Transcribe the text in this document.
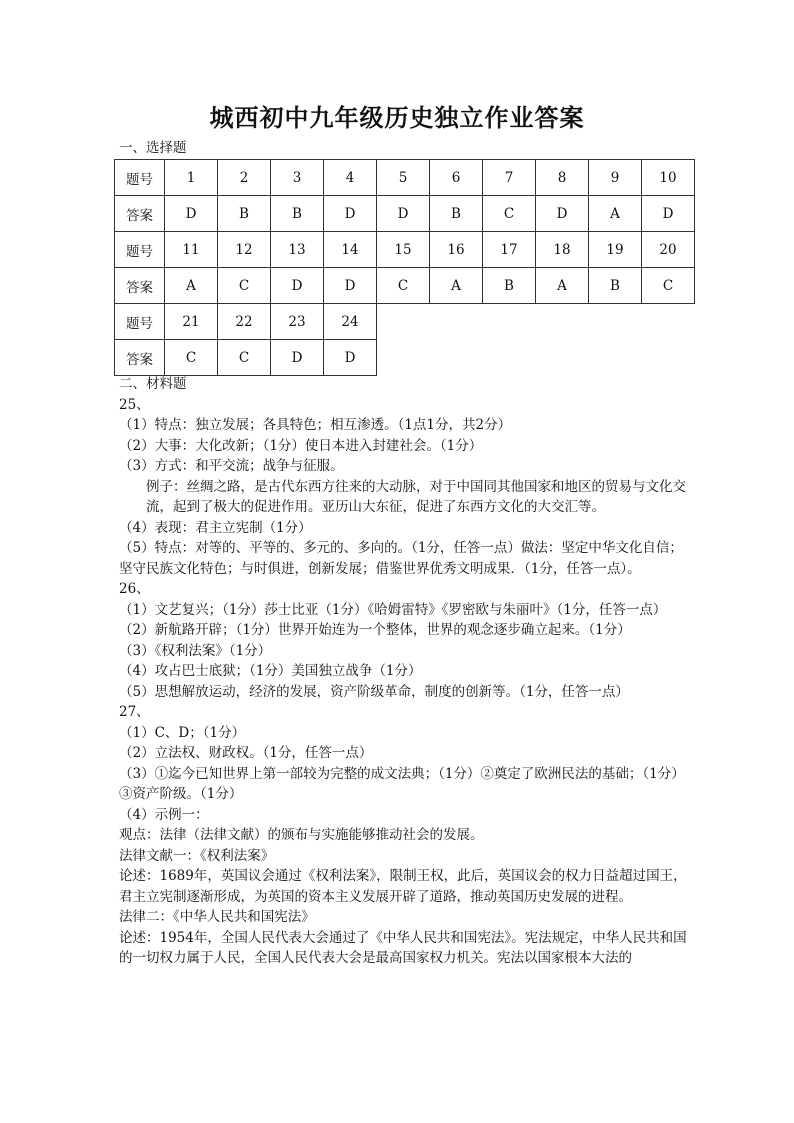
城西初中九年级历史独立作业答案
一、选择题
题号	1	2	3	4	5	6	7	8	9	10
答案	D	B	B	D	D	B	C	D	A	D
题号	11	12	13	14	15	16	17	18	19	20
答案	A	C	D	D	C	A	B	A	B	C
题号	21	22	23	24						
答案	C	C	D	D						
二、材料题
25、
（1）特点：独立发展；各具特色；相互渗透。（1点1分，共2分）
（2）大事：大化改新；（1分）使日本进入封建社会。（1分）
（3）方式：和平交流；战争与征服。
例子：丝绸之路，是古代东西方往来的大动脉，对于中国同其他国家和地区的贸易与文化交流，起到了极大的促进作用。亚历山大东征，促进了东西方文化的大交汇等。
（4）表现：君主立宪制（1分）
（5）特点：对等的、平等的、多元的、多向的。（1分，任答一点）做法：坚定中华文化自信；坚守民族文化特色；与时俱进，创新发展；借鉴世界优秀文明成果．（1分，任答一点）。
26、
（1）文艺复兴；（1分）莎士比亚（1分）《哈姆雷特》《罗密欧与朱丽叶》（1分，任答一点）
（2）新航路开辟；（1分）世界开始连为一个整体，世界的观念逐步确立起来。（1分）
（3）《权利法案》（1分）
（4）攻占巴士底狱；（1分）美国独立战争（1分）
（5）思想解放运动，经济的发展，资产阶级革命，制度的创新等。（1分，任答一点）
27、
（1）C、D；（1分）
（2）立法权、财政权。（1分，任答一点）
（3）①迄今已知世界上第一部较为完整的成文法典；（1分）②奠定了欧洲民法的基础；（1分）③资产阶级。（1分）
（4）示例一：
观点：法律（法律文献）的颁布与实施能够推动社会的发展。
法律文献一：《权利法案》
论述：1689年，英国议会通过《权利法案》，限制王权，此后，英国议会的权力日益超过国王，君主立宪制逐渐形成，为英国的资本主义发展开辟了道路，推动英国历史发展的进程。
法律二：《中华人民共和国宪法》
论述：1954年，全国人民代表大会通过了《中华人民共和国宪法》。宪法规定，中华人民共和国的一切权力属于人民，全国人民代表大会是最高国家权力机关。宪法以国家根本大法的
